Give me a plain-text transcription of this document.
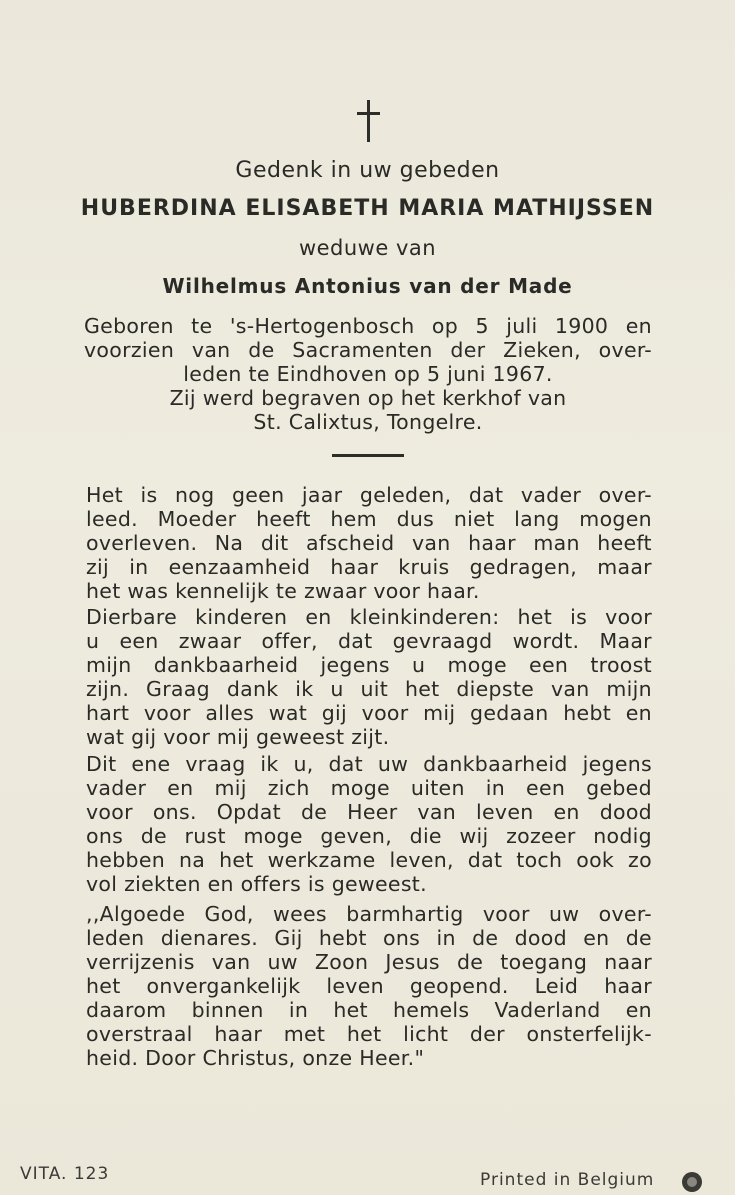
Gedenk in uw gebeden
HUBERDINA ELISABETH MARIA MATHIJSSEN
weduwe van
Wilhelmus Antonius van der Made
Geboren te 's-Hertogenbosch op 5 juli 1900 en
voorzien van de Sacramenten der Zieken, over-
leden te Eindhoven op 5 juni 1967.
Zij werd begraven op het kerkhof van
St. Calixtus, Tongelre.
Het is nog geen jaar geleden, dat vader over-
leed. Moeder heeft hem dus niet lang mogen
overleven. Na dit afscheid van haar man heeft
zij in eenzaamheid haar kruis gedragen, maar
het was kennelijk te zwaar voor haar.
Dierbare kinderen en kleinkinderen: het is voor
u een zwaar offer, dat gevraagd wordt. Maar
mijn dankbaarheid jegens u moge een troost
zijn. Graag dank ik u uit het diepste van mijn
hart voor alles wat gij voor mij gedaan hebt en
wat gij voor mij geweest zijt.
Dit ene vraag ik u, dat uw dankbaarheid jegens
vader en mij zich moge uiten in een gebed
voor ons. Opdat de Heer van leven en dood
ons de rust moge geven, die wij zozeer nodig
hebben na het werkzame leven, dat toch ook zo
vol ziekten en offers is geweest.
,,Algoede God, wees barmhartig voor uw over-
leden dienares. Gij hebt ons in de dood en de
verrijzenis van uw Zoon Jesus de toegang naar
het onvergankelijk leven geopend. Leid haar
daarom binnen in het hemels Vaderland en
overstraal haar met het licht der onsterfelijk-
heid. Door Christus, onze Heer."
VITA. 123	Printed in Belgium
